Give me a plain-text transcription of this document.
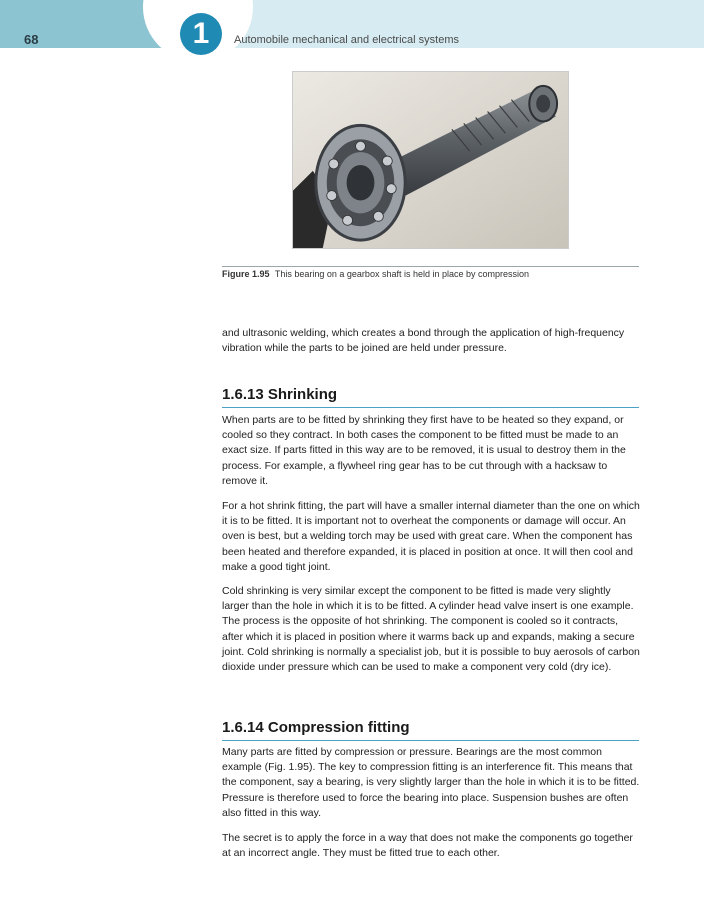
1
68	Automobile mechanical and electrical systems
Figure 1.95 This bearing on a gearbox shaft is held in place by compression

and ultrasonic welding, which creates a bond through the application of high-frequency vibration while the parts to be joined are held under pressure.

1.6.13 Shrinking

When parts are to be fitted by shrinking they first have to be heated so they expand, or cooled so they contract. In both cases the component to be fitted must be made to an exact size. If parts fitted in this way are to be removed, it is usual to destroy them in the process. For example, a flywheel ring gear has to be cut through with a hacksaw to remove it.

For a hot shrink fitting, the part will have a smaller internal diameter than the one on which it is to be fitted. It is important not to overheat the components or damage will occur. An oven is best, but a welding torch may be used with great care. When the component has been heated and therefore expanded, it is placed in position at once. It will then cool and make a good tight joint.

Cold shrinking is very similar except the component to be fitted is made very slightly larger than the hole in which it is to be fitted. A cylinder head valve insert is one example. The process is the opposite of hot shrinking. The component is cooled so it contracts, after which it is placed in position where it warms back up and expands, making a secure joint. Cold shrinking is normally a specialist job, but it is possible to buy aerosols of carbon dioxide under pressure which can be used to make a component very cold (dry ice).

1.6.14 Compression fitting

Many parts are fitted by compression or pressure. Bearings are the most common example (Fig. 1.95). The key to compression fitting is an interference fit. This means that the component, say a bearing, is very slightly larger than the hole in which it is to be fitted. Pressure is therefore used to force the bearing into place. Suspension bushes are often also fitted in this way.

The secret is to apply the force in a way that does not make the components go together at an incorrect angle. They must be fitted true to each other.
